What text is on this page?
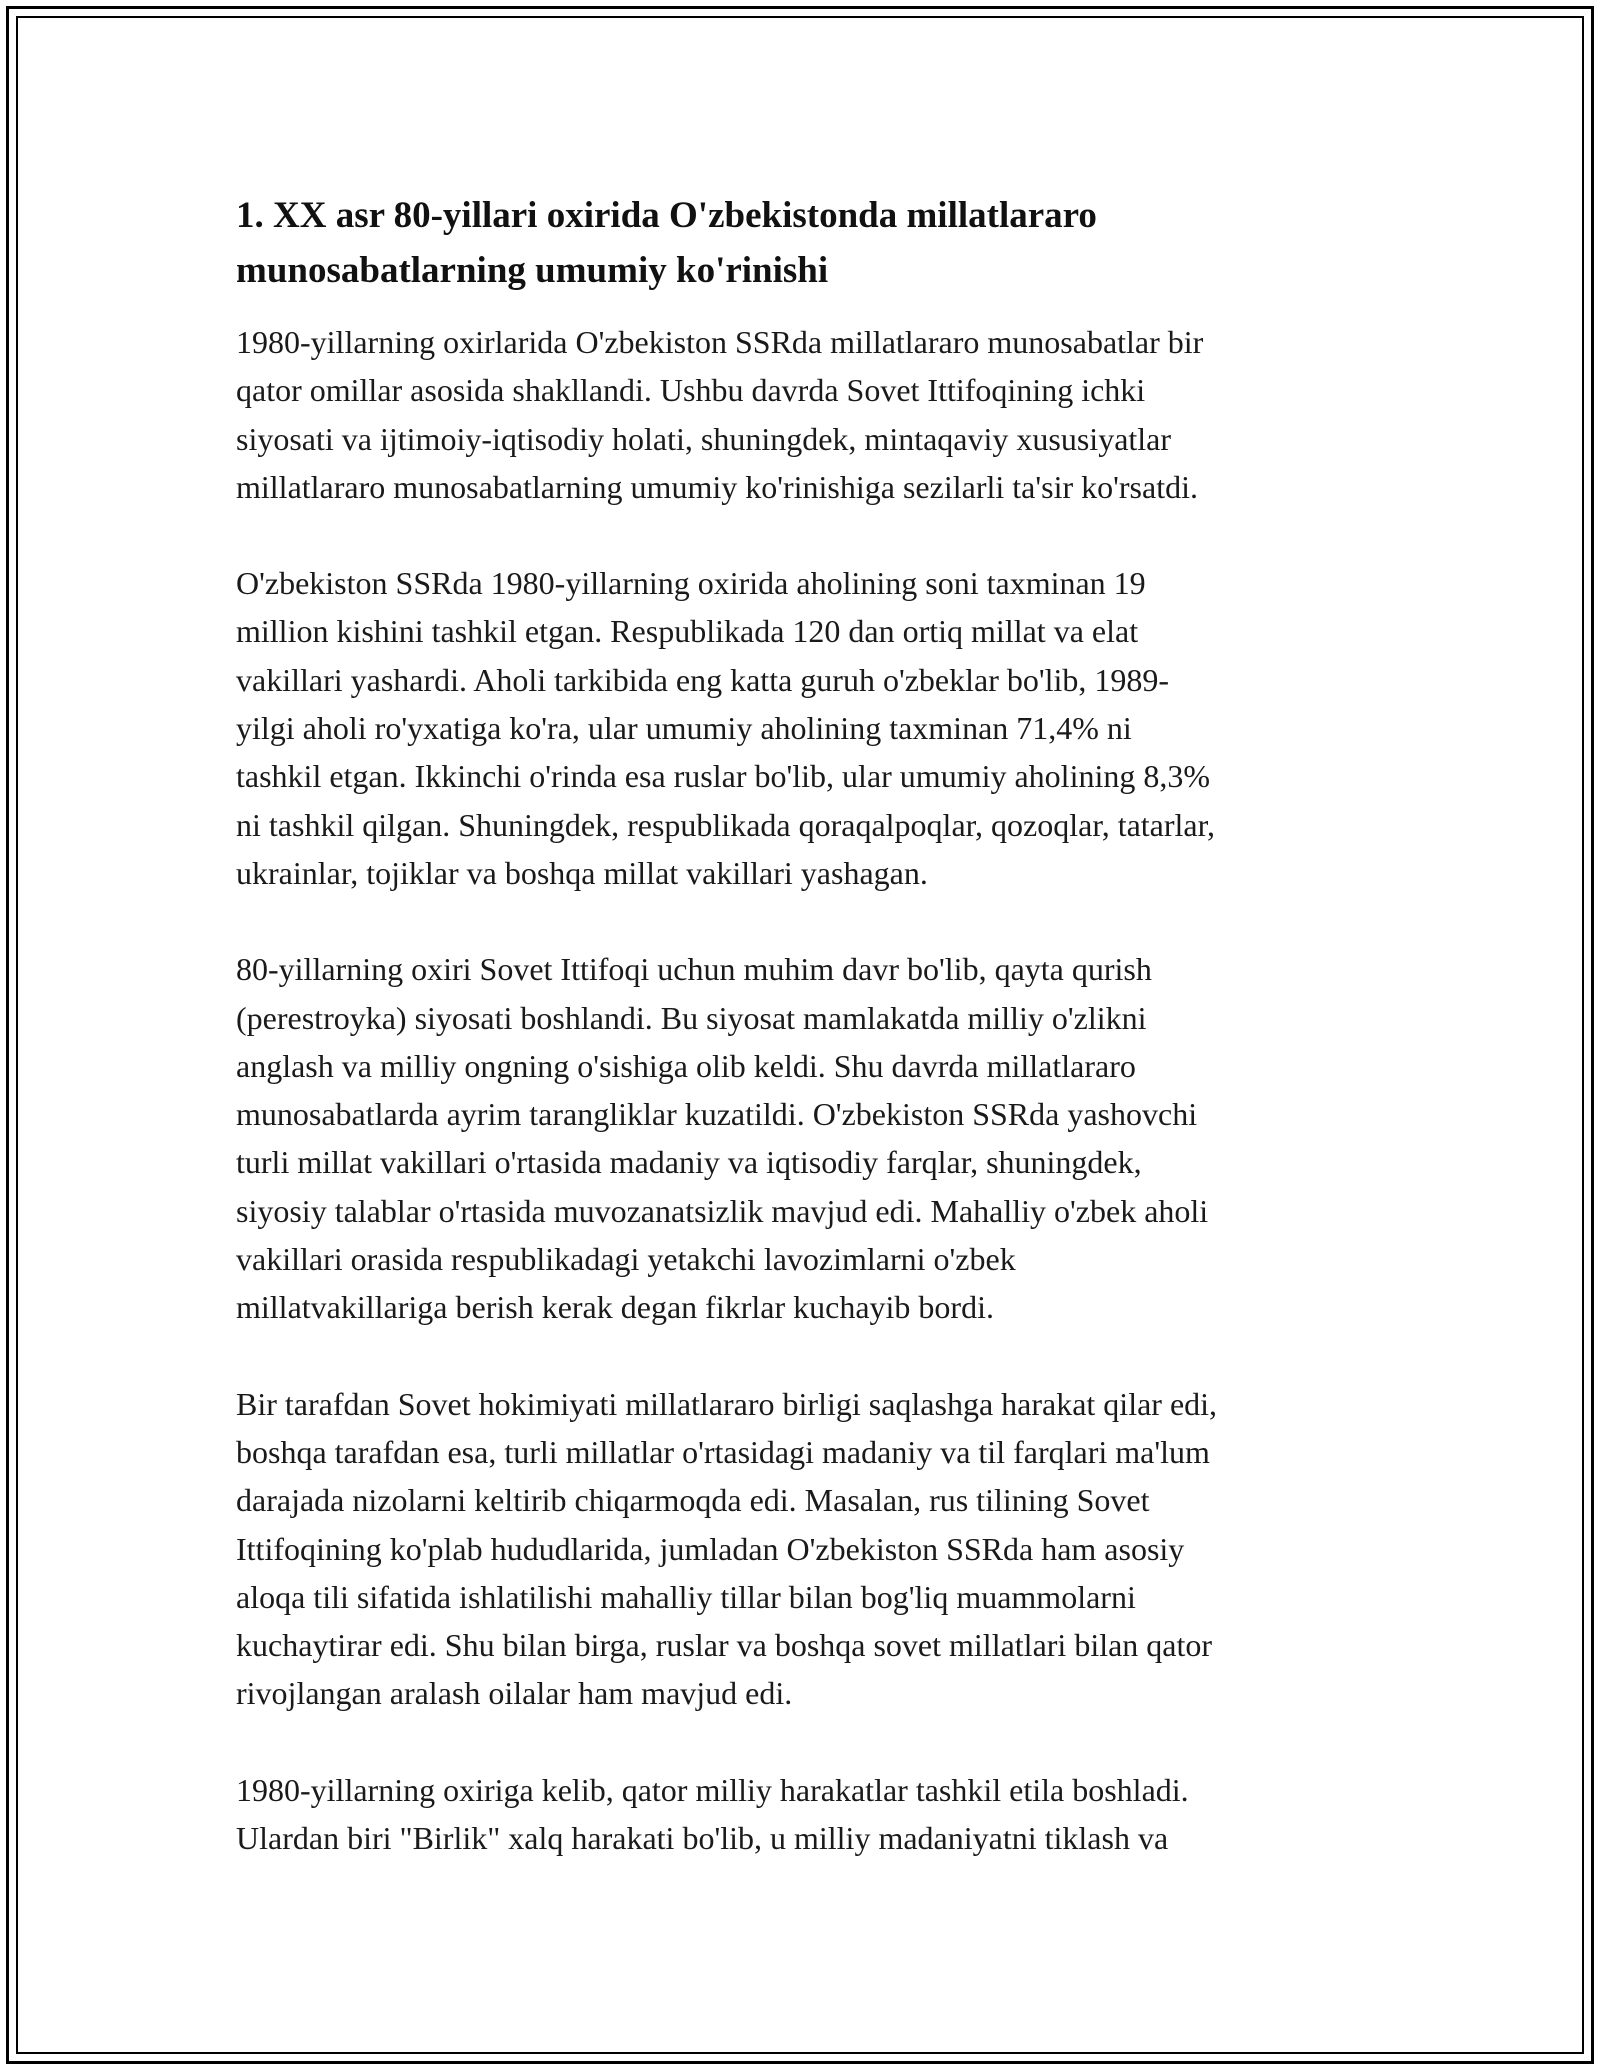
1. XX asr 80-yillari oxirida O'zbekistonda millatlararo
munosabatlarning umumiy ko'rinishi

1980-yillarning oxirlarida O'zbekiston SSRda millatlararo munosabatlar bir
qator omillar asosida shakllandi. Ushbu davrda Sovet Ittifoqining ichki
siyosati va ijtimoiy-iqtisodiy holati, shuningdek, mintaqaviy xususiyatlar
millatlararo munosabatlarning umumiy ko'rinishiga sezilarli ta'sir ko'rsatdi.

O'zbekiston SSRda 1980-yillarning oxirida aholining soni taxminan 19
million kishini tashkil etgan. Respublikada 120 dan ortiq millat va elat
vakillari yashardi. Aholi tarkibida eng katta guruh o'zbeklar bo'lib, 1989-
yilgi aholi ro'yxatiga ko'ra, ular umumiy aholining taxminan 71,4% ni
tashkil etgan. Ikkinchi o'rinda esa ruslar bo'lib, ular umumiy aholining 8,3%
ni tashkil qilgan. Shuningdek, respublikada qoraqalpoqlar, qozoqlar, tatarlar,
ukrainlar, tojiklar va boshqa millat vakillari yashagan.

80-yillarning oxiri Sovet Ittifoqi uchun muhim davr bo'lib, qayta qurish
(perestroyka) siyosati boshlandi. Bu siyosat mamlakatda milliy o'zlikni
anglash va milliy ongning o'sishiga olib keldi. Shu davrda millatlararo
munosabatlarda ayrim tarangliklar kuzatildi. O'zbekiston SSRda yashovchi
turli millat vakillari o'rtasida madaniy va iqtisodiy farqlar, shuningdek,
siyosiy talablar o'rtasida muvozanatsizlik mavjud edi. Mahalliy o'zbek aholi
vakillari orasida respublikadagi yetakchi lavozimlarni o'zbek
millatvakillariga berish kerak degan fikrlar kuchayib bordi.

Bir tarafdan Sovet hokimiyati millatlararo birligi saqlashga harakat qilar edi,
boshqa tarafdan esa, turli millatlar o'rtasidagi madaniy va til farqlari ma'lum
darajada nizolarni keltirib chiqarmoqda edi. Masalan, rus tilining Sovet
Ittifoqining ko'plab hududlarida, jumladan O'zbekiston SSRda ham asosiy
aloqa tili sifatida ishlatilishi mahalliy tillar bilan bog'liq muammolarni
kuchaytirar edi. Shu bilan birga, ruslar va boshqa sovet millatlari bilan qator
rivojlangan aralash oilalar ham mavjud edi.

1980-yillarning oxiriga kelib, qator milliy harakatlar tashkil etila boshladi.
Ulardan biri "Birlik" xalq harakati bo'lib, u milliy madaniyatni tiklash va
